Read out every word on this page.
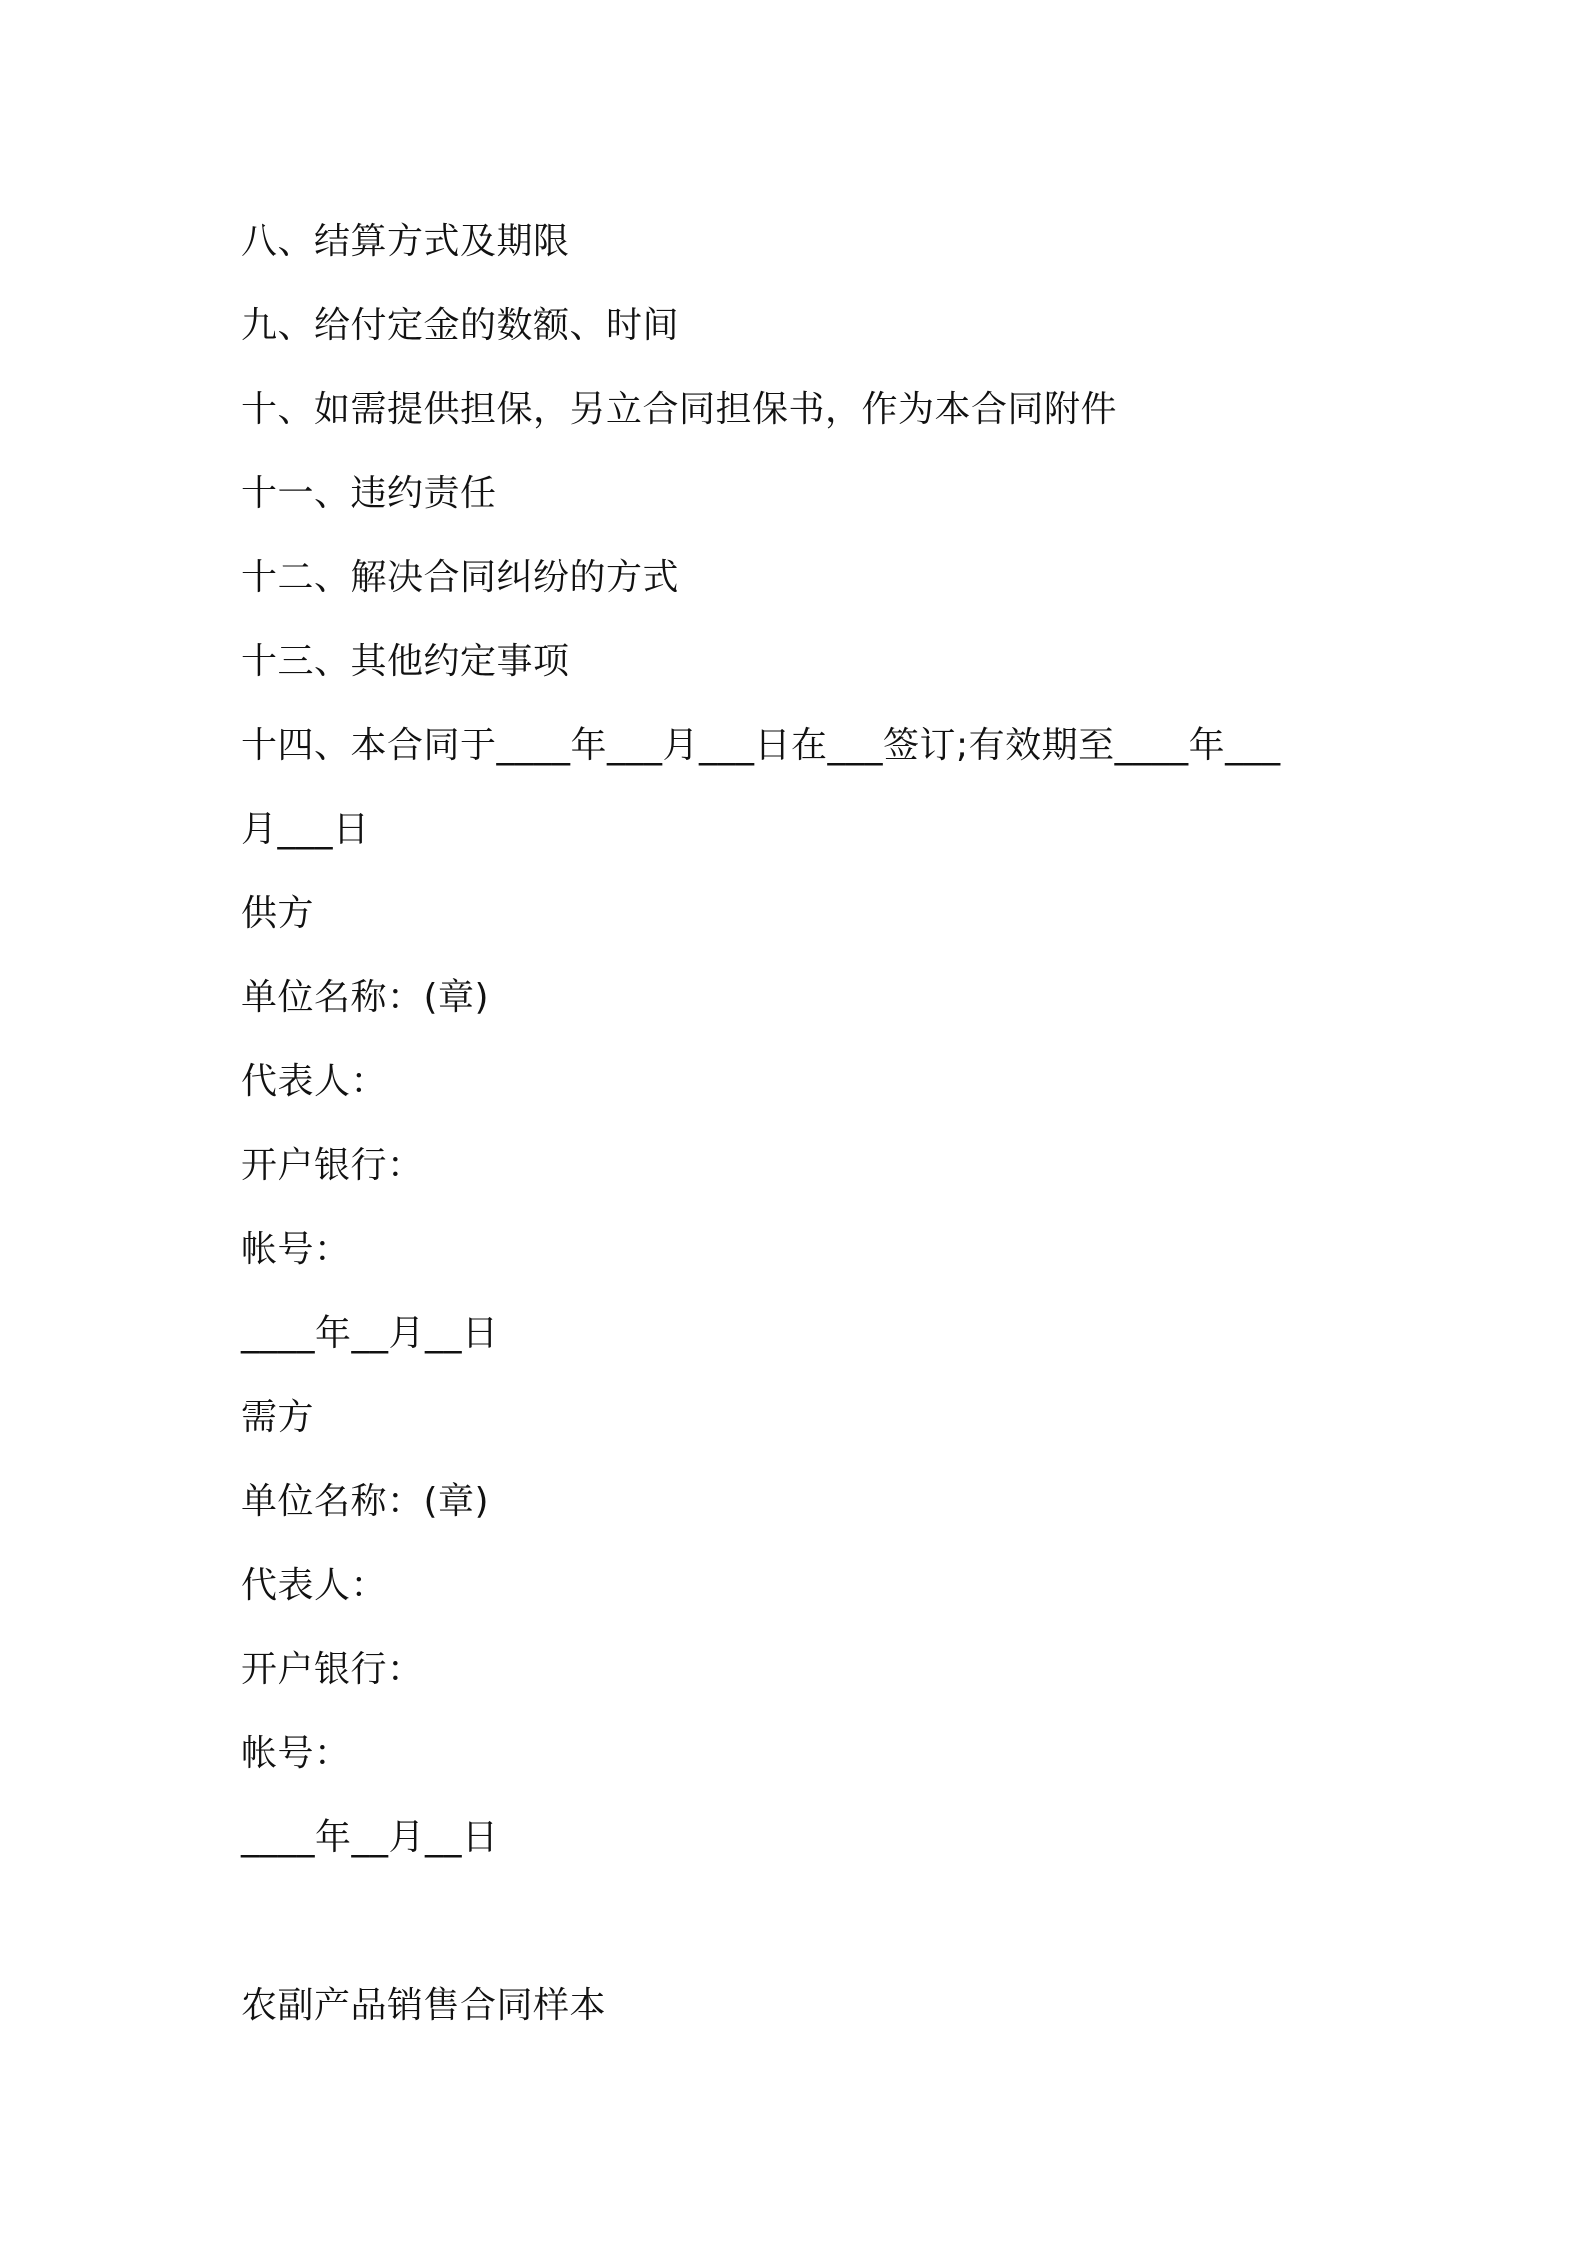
八、结算方式及期限
九、给付定金的数额、时间
十、如需提供担保，另立合同担保书，作为本合同附件
十一、违约责任
十二、解决合同纠纷的方式
十三、其他约定事项
十四、本合同于____年___月___日在___签订;有效期至____年___
月___日
供方
单位名称：(章)
代表人：
开户银行：
帐号：
____年__月__日
需方
单位名称：(章)
代表人：
开户银行：
帐号：
____年__月__日
农副产品销售合同样本
